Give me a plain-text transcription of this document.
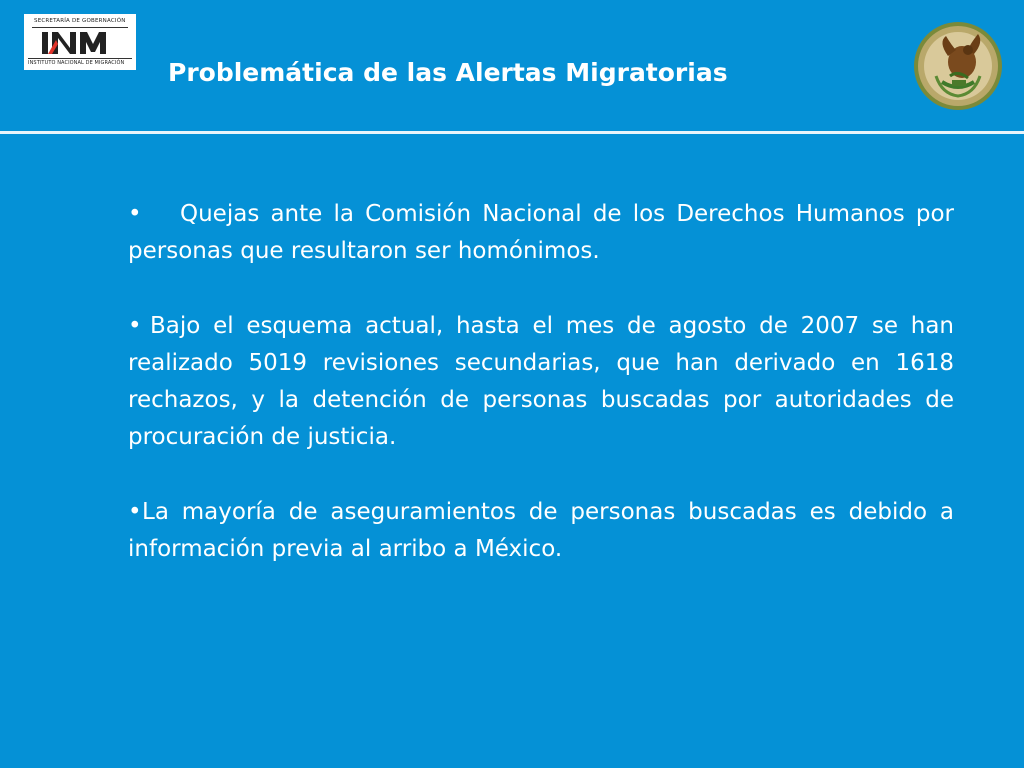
SECRETARÍA DE GOBERNACIÓN
INSTITUTO NACIONAL DE MIGRACIÓN Problemática de las Alertas Migratorias

• Quejas ante la Comisión Nacional de los Derechos Humanos por personas que resultaron ser homónimos.

• Bajo el esquema actual, hasta el mes de agosto de 2007 se han realizado 5019 revisiones secundarias, que han derivado en 1618 rechazos, y la detención de personas buscadas por autoridades de procuración de justicia.

•La mayoría de aseguramientos de personas buscadas es debido a información previa al arribo a México.
